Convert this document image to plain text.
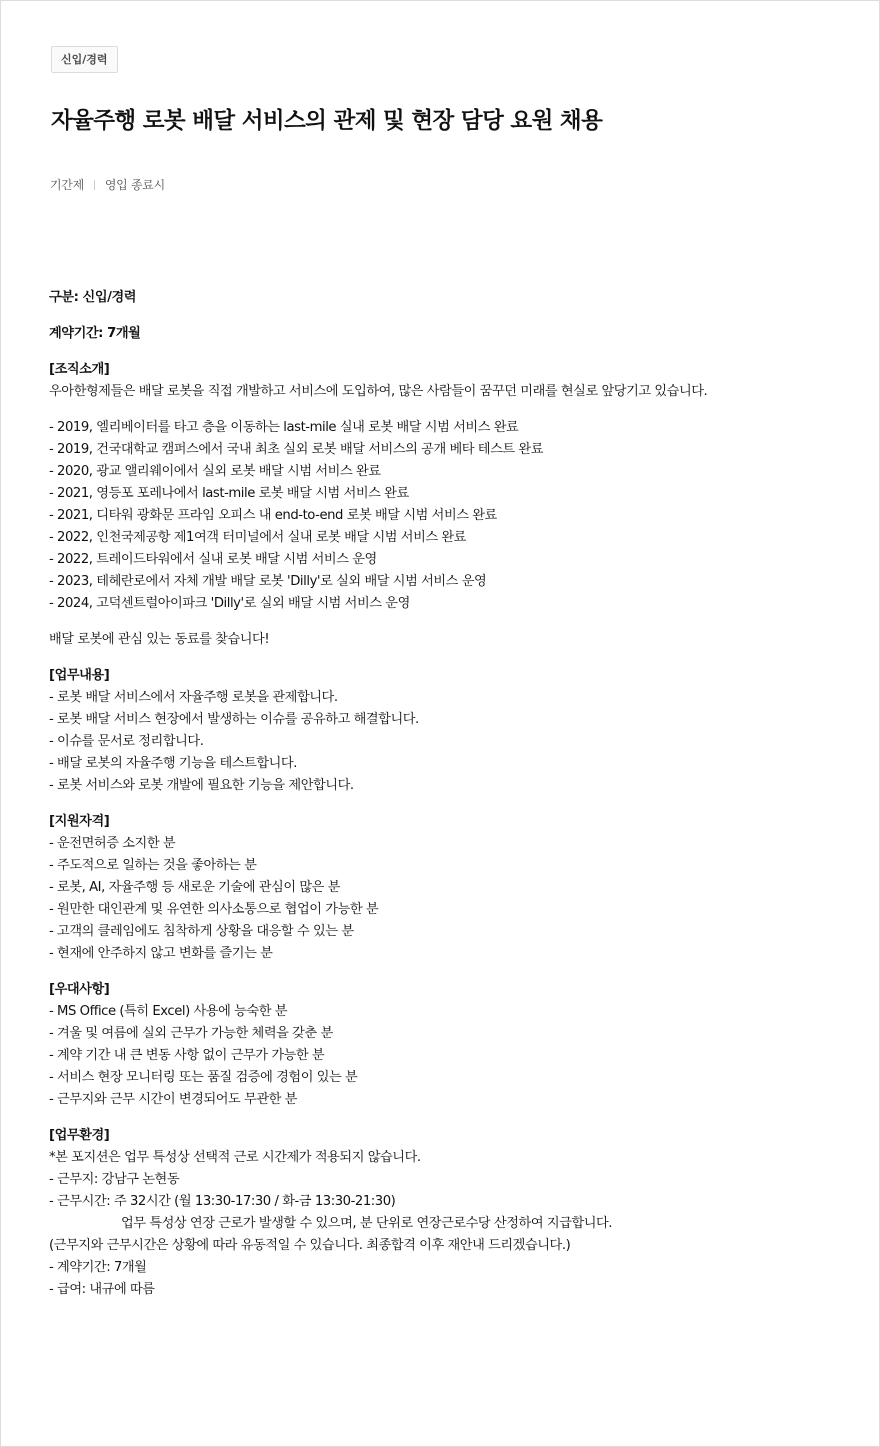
신입/경력
자율주행 로봇 배달 서비스의 관제 및 현장 담당 요원 채용
기간제 영입 종료시
구분: 신입/경력
계약기간: 7개월
[조직소개]
우아한형제들은 배달 로봇을 직접 개발하고 서비스에 도입하여, 많은 사람들이 꿈꾸던 미래를 현실로 앞당기고 있습니다.
- 2019, 엘리베이터를 타고 층을 이동하는 last-mile 실내 로봇 배달 시범 서비스 완료
- 2019, 건국대학교 캠퍼스에서 국내 최초 실외 로봇 배달 서비스의 공개 베타 테스트 완료
- 2020, 광교 앨리웨이에서 실외 로봇 배달 시범 서비스 완료
- 2021, 영등포 포레나에서 last-mile 로봇 배달 시범 서비스 완료
- 2021, 디타워 광화문 프라임 오피스 내 end-to-end 로봇 배달 시범 서비스 완료
- 2022, 인천국제공항 제1여객 터미널에서 실내 로봇 배달 시범 서비스 완료
- 2022, 트레이드타워에서 실내 로봇 배달 시범 서비스 운영
- 2023, 테헤란로에서 자체 개발 배달 로봇 'Dilly'로 실외 배달 시범 서비스 운영
- 2024, 고덕센트럴아이파크 'Dilly'로 실외 배달 시범 서비스 운영
배달 로봇에 관심 있는 동료를 찾습니다!
[업무내용]
- 로봇 배달 서비스에서 자율주행 로봇을 관제합니다.
- 로봇 배달 서비스 현장에서 발생하는 이슈를 공유하고 해결합니다.
- 이슈를 문서로 정리합니다.
- 배달 로봇의 자율주행 기능을 테스트합니다.
- 로봇 서비스와 로봇 개발에 필요한 기능을 제안합니다.
[지원자격]
- 운전면허증 소지한 분
- 주도적으로 일하는 것을 좋아하는 분
- 로봇, AI, 자율주행 등 새로운 기술에 관심이 많은 분
- 원만한 대인관계 및 유연한 의사소통으로 협업이 가능한 분
- 고객의 클레임에도 침착하게 상황을 대응할 수 있는 분
- 현재에 안주하지 않고 변화를 즐기는 분
[우대사항]
- MS Office (특히 Excel) 사용에 능숙한 분
- 겨울 및 여름에 실외 근무가 가능한 체력을 갖춘 분
- 계약 기간 내 큰 변동 사항 없이 근무가 가능한 분
- 서비스 현장 모니터링 또는 품질 검증에 경험이 있는 분
- 근무지와 근무 시간이 변경되어도 무관한 분
[업무환경]
*본 포지션은 업무 특성상 선택적 근로 시간제가 적용되지 않습니다.
- 근무지: 강남구 논현동
- 근무시간: 주 32시간 (월 13:30-17:30 / 화-금 13:30-21:30)
업무 특성상 연장 근로가 발생할 수 있으며, 분 단위로 연장근로수당 산정하여 지급합니다.
(근무지와 근무시간은 상황에 따라 유동적일 수 있습니다. 최종합격 이후 재안내 드리겠습니다.)
- 계약기간: 7개월
- 급여: 내규에 따름
